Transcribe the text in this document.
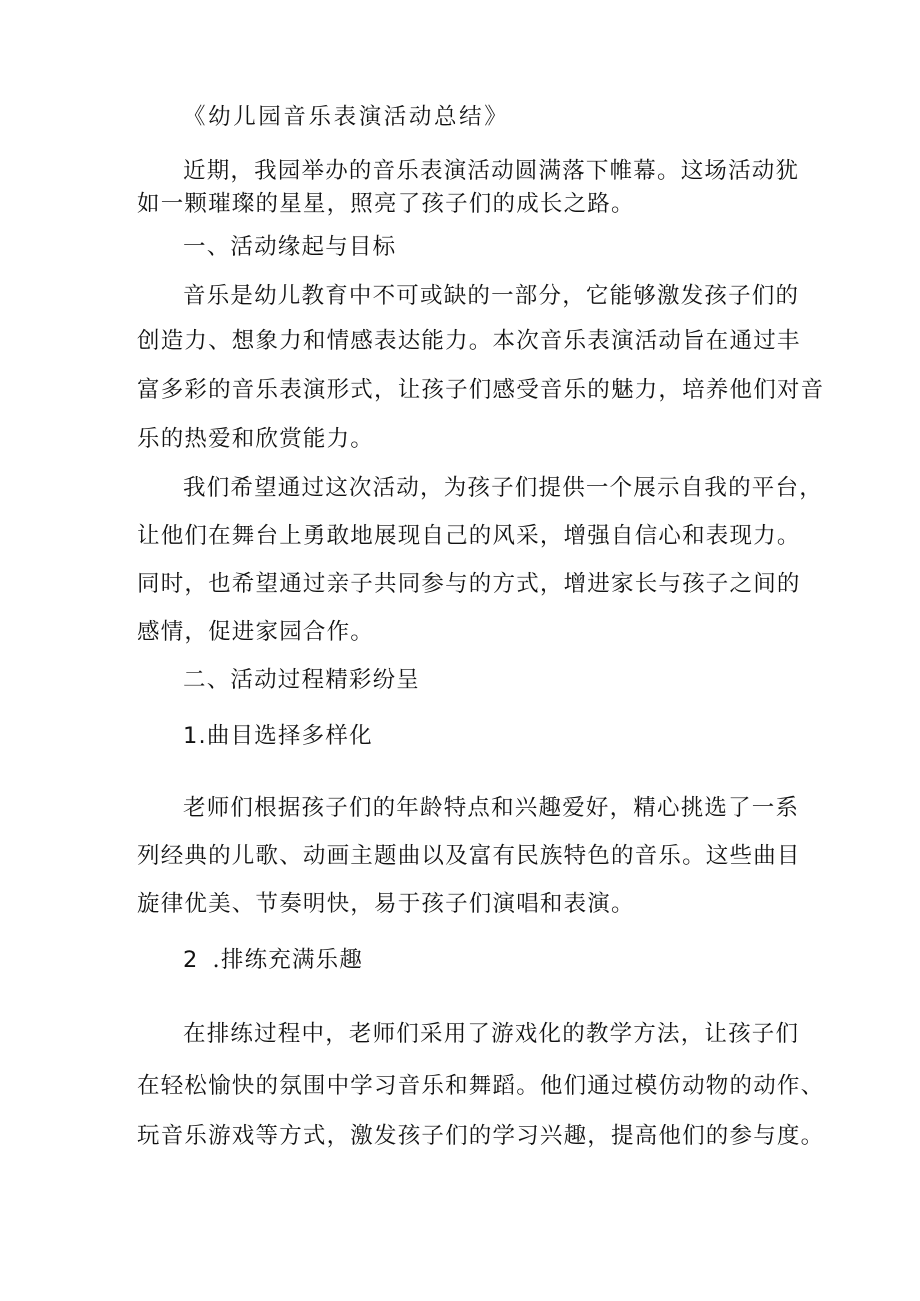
《幼儿园音乐表演活动总结》
近期，我园举办的音乐表演活动圆满落下帷幕。这场活动犹
如一颗璀璨的星星，照亮了孩子们的成长之路。
一、活动缘起与目标
音乐是幼儿教育中不可或缺的一部分，它能够激发孩子们的
创造力、想象力和情感表达能力。本次音乐表演活动旨在通过丰
富多彩的音乐表演形式，让孩子们感受音乐的魅力，培养他们对音
乐的热爱和欣赏能力。
我们希望通过这次活动，为孩子们提供一个展示自我的平台，
让他们在舞台上勇敢地展现自己的风采，增强自信心和表现力。
同时，也希望通过亲子共同参与的方式，增进家长与孩子之间的
感情，促进家园合作。
二、活动过程精彩纷呈
1.曲目选择多样化
老师们根据孩子们的年龄特点和兴趣爱好，精心挑选了一系
列经典的儿歌、动画主题曲以及富有民族特色的音乐。这些曲目
旋律优美、节奏明快，易于孩子们演唱和表演。
2 .排练充满乐趣
在排练过程中，老师们采用了游戏化的教学方法，让孩子们
在轻松愉快的氛围中学习音乐和舞蹈。他们通过模仿动物的动作、
玩音乐游戏等方式，激发孩子们的学习兴趣，提高他们的参与度。
